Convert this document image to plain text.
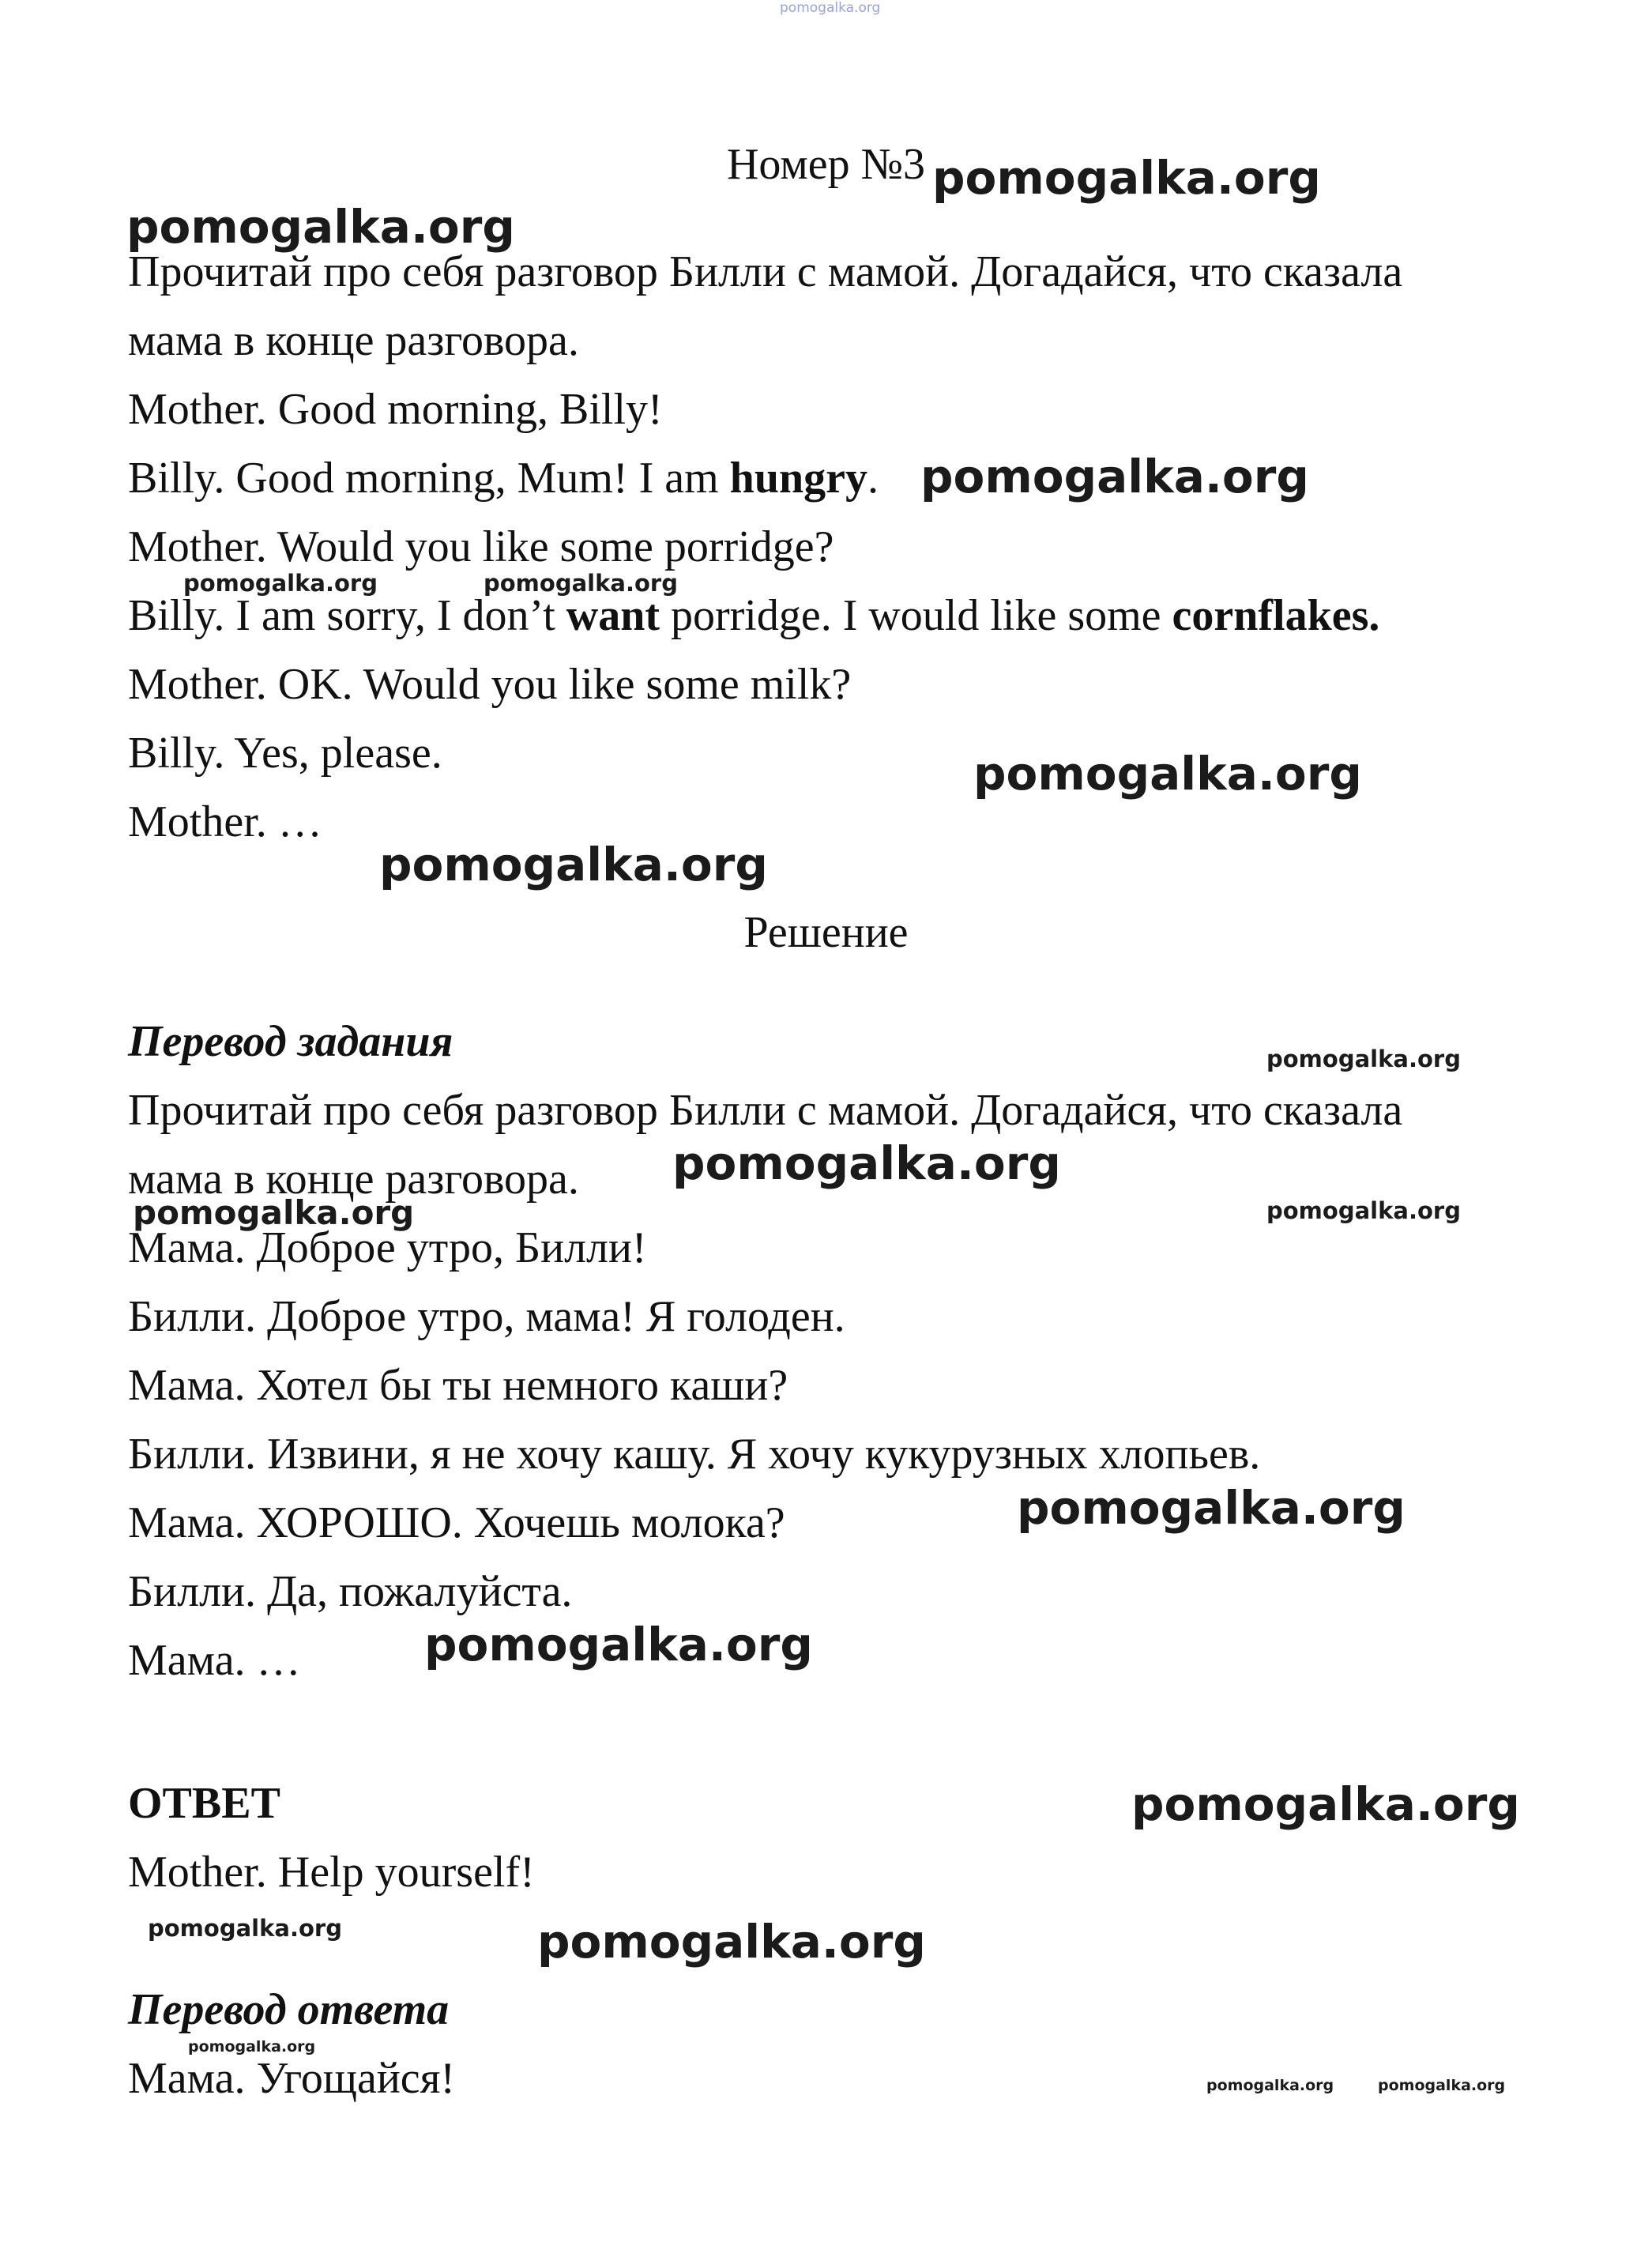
Номер №3
Прочитай про себя разговор Билли с мамой. Догадайся, что сказала
мама в конце разговора.
Mother. Good morning, Billy!
Billy. Good morning, Mum! I am hungry.
Mother. Would you like some porridge?
Billy. I am sorry, I don’t want porridge. I would like some cornflakes.
Mother. OK. Would you like some milk?
Billy. Yes, please.
Mother. …
Решение
Перевод задания
Прочитай про себя разговор Билли с мамой. Догадайся, что сказала
мама в конце разговора.
Мама. Доброе утро, Билли!
Билли. Доброе утро, мама! Я голоден.
Мама. Хотел бы ты немного каши?
Билли. Извини, я не хочу кашу. Я хочу кукурузных хлопьев.
Мама. ХОРОШО. Хочешь молока?
Билли. Да, пожалуйста.
Мама. …
ОТВЕТ
Mother. Help yourself!
Перевод ответа
Мама. Угощайся!
pomogalka.org
pomogalka.org
pomogalka.org
pomogalka.org
pomogalka.org	pomogalka.org
pomogalka.org
pomogalka.org
pomogalka.org
pomogalka.org
pomogalka.org
pomogalka.org
pomogalka.org
pomogalka.org
pomogalka.org
pomogalka.org	pomogalka.org
pomogalka.org
pomogalka.org	pomogalka.org
